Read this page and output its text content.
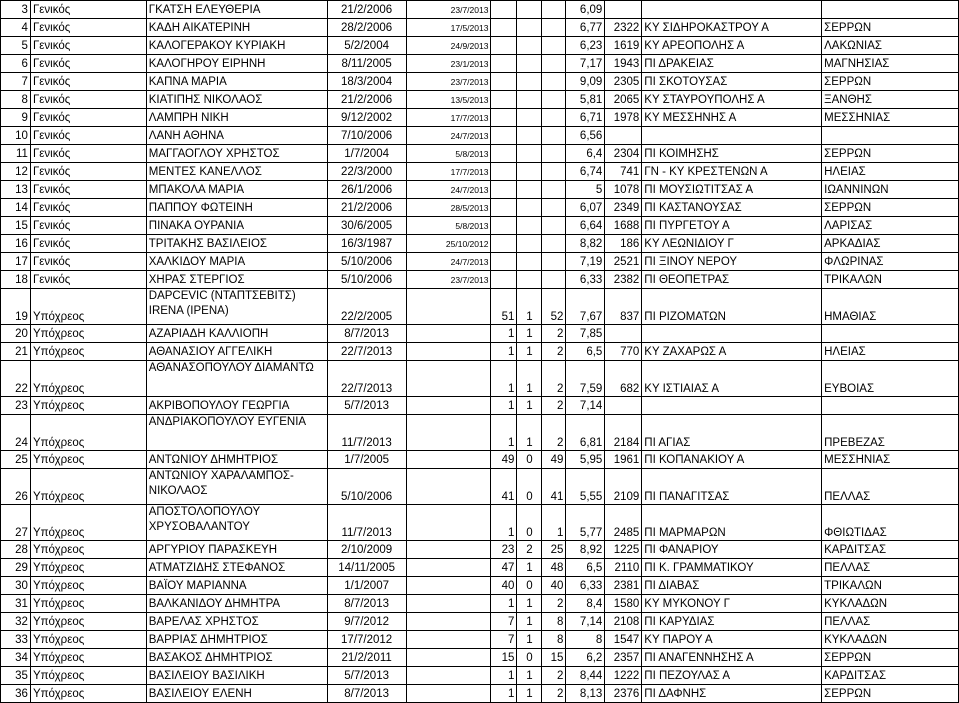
3	Γενικός	ΓΚΑΤΣΗ ΕΛΕΥΘΕΡΙΑ	21/2/2006	23/7/2013				6,09			
4	Γενικός	ΚΑΔΗ ΑΙΚΑΤΕΡΙΝΗ	28/2/2006	17/5/2013				6,77	2322	ΚΥ ΣΙΔΗΡΟΚΑΣΤΡΟΥ Α	ΣΕΡΡΩΝ
5	Γενικός	ΚΑΛΟΓΕΡΑΚΟΥ ΚΥΡΙΑΚΗ	5/2/2004	24/9/2013				6,23	1619	ΚΥ ΑΡΕΟΠΟΛΗΣ Α	ΛΑΚΩΝΙΑΣ
6	Γενικός	ΚΑΛΟΓΗΡΟΥ ΕΙΡΗΝΗ	8/11/2005	23/1/2013				7,17	1943	ΠΙ ΔΡΑΚΕΙΑΣ	ΜΑΓΝΗΣΙΑΣ
7	Γενικός	ΚΑΠΝΑ ΜΑΡΙΑ	18/3/2004	23/7/2013				9,09	2305	ΠΙ ΣΚΟΤΟΥΣΑΣ	ΣΕΡΡΩΝ
8	Γενικός	ΚΙΑΤΙΠΗΣ ΝΙΚΟΛΑΟΣ	21/2/2006	13/5/2013				5,81	2065	ΚΥ ΣΤΑΥΡΟΥΠΟΛΗΣ Α	ΞΑΝΘΗΣ
9	Γενικός	ΛΑΜΠΡΗ ΝΙΚΗ	9/12/2002	17/7/2013				6,71	1978	ΚΥ ΜΕΣΣΗΝΗΣ Α	ΜΕΣΣΗΝΙΑΣ
10	Γενικός	ΛΑΝΗ ΑΘΗΝΑ	7/10/2006	24/7/2013				6,56			
11	Γενικός	ΜΑΓΓΑΟΓΛΟΥ ΧΡΗΣΤΟΣ	1/7/2004	5/8/2013				6,4	2304	ΠΙ ΚΟΙΜΗΣΗΣ	ΣΕΡΡΩΝ
12	Γενικός	ΜΕΝΤΕΣ ΚΑΝΕΛΛΟΣ	22/3/2000	17/7/2013				6,74	741	ΓΝ - ΚΥ ΚΡΕΣΤΕΝΩΝ Α	ΗΛΕΙΑΣ
13	Γενικός	ΜΠΑΚΟΛΑ ΜΑΡΙΑ	26/1/2006	24/7/2013				5	1078	ΠΙ ΜΟΥΣΙΩΤΙΤΣΑΣ Α	ΙΩΑΝΝΙΝΩΝ
14	Γενικός	ΠΑΠΠΟΥ ΦΩΤΕΙΝΗ	21/2/2006	28/5/2013				6,07	2349	ΠΙ ΚΑΣΤΑΝΟΥΣΑΣ	ΣΕΡΡΩΝ
15	Γενικός	ΠΙΝΑΚΑ ΟΥΡΑΝΙΑ	30/6/2005	5/8/2013				6,64	1688	ΠΙ ΠΥΡΓΕΤΟΥ Α	ΛΑΡΙΣΑΣ
16	Γενικός	ΤΡΙΤΑΚΗΣ ΒΑΣΙΛΕΙΟΣ	16/3/1987	25/10/2012				8,82	186	ΚΥ ΛΕΩΝΙΔΙΟΥ Γ	ΑΡΚΑΔΙΑΣ
17	Γενικός	ΧΑΛΚΙΔΟΥ ΜΑΡΙΑ	5/10/2006	24/7/2013				7,19	2521	ΠΙ ΞΙΝΟΥ ΝΕΡΟΥ	ΦΛΩΡΙΝΑΣ
18	Γενικός	ΧΗΡΑΣ ΣΤΕΡΓΙΟΣ	5/10/2006	23/7/2013				6,33	2382	ΠΙ ΘΕΟΠΕΤΡΑΣ	ΤΡΙΚΑΛΩΝ
19	Υπόχρεος	DAPCEVIC (ΝΤΑΠΤΣΕΒΙΤΣ) IRENA (ΙΡΕΝΑ)	22/2/2005		51	1	52	7,67	837	ΠΙ ΡΙΖΟΜΑΤΩΝ	ΗΜΑΘΙΑΣ
20	Υπόχρεος	ΑΖΑΡΙΑΔΗ ΚΑΛΛΙΟΠΗ	8/7/2013		1	1	2	7,85			
21	Υπόχρεος	ΑΘΑΝΑΣΙΟΥ ΑΓΓΕΛΙΚΗ	22/7/2013		1	1	2	6,5	770	ΚΥ ΖΑΧΑΡΩΣ Α	ΗΛΕΙΑΣ
22	Υπόχρεος	ΑΘΑΝΑΣΟΠΟΥΛΟΥ ΔΙΑΜΑΝΤΩ	22/7/2013		1	1	2	7,59	682	ΚΥ ΙΣΤΙΑΙΑΣ Α	ΕΥΒΟΙΑΣ
23	Υπόχρεος	ΑΚΡΙΒΟΠΟΥΛΟΥ ΓΕΩΡΓΙΑ	5/7/2013		1	1	2	7,14			
24	Υπόχρεος	ΑΝΔΡΙΑΚΟΠΟΥΛΟΥ ΕΥΓΕΝΙΑ	11/7/2013		1	1	2	6,81	2184	ΠΙ ΑΓΙΑΣ	ΠΡΕΒΕΖΑΣ
25	Υπόχρεος	ΑΝΤΩΝΙΟΥ ΔΗΜΗΤΡΙΟΣ	1/7/2005		49	0	49	5,95	1961	ΠΙ ΚΟΠΑΝΑΚΙΟΥ Α	ΜΕΣΣΗΝΙΑΣ
26	Υπόχρεος	ΑΝΤΩΝΙΟΥ ΧΑΡΑΛΑΜΠΟΣ-ΝΙΚΟΛΑΟΣ	5/10/2006		41	0	41	5,55	2109	ΠΙ ΠΑΝΑΓΙΤΣΑΣ	ΠΕΛΛΑΣ
27	Υπόχρεος	ΑΠΟΣΤΟΛΟΠΟΥΛΟΥ ΧΡΥΣΟΒΑΛΑΝΤΟΥ	11/7/2013		1	0	1	5,77	2485	ΠΙ ΜΑΡΜΑΡΩΝ	ΦΘΙΩΤΙΔΑΣ
28	Υπόχρεος	ΑΡΓΥΡΙΟΥ ΠΑΡΑΣΚΕΥΗ	2/10/2009		23	2	25	8,92	1225	ΠΙ ΦΑΝΑΡΙΟΥ	ΚΑΡΔΙΤΣΑΣ
29	Υπόχρεος	ΑΤΜΑΤΖΙΔΗΣ ΣΤΕΦΑΝΟΣ	14/11/2005		47	1	48	6,5	2110	ΠΙ Κ. ΓΡΑΜΜΑΤΙΚΟΥ	ΠΕΛΛΑΣ
30	Υπόχρεος	ΒΑΪΟΥ ΜΑΡΙΑΝΝΑ	1/1/2007		40	0	40	6,33	2381	ΠΙ ΔΙΑΒΑΣ	ΤΡΙΚΑΛΩΝ
31	Υπόχρεος	ΒΑΛΚΑΝΙΔΟΥ ΔΗΜΗΤΡΑ	8/7/2013		1	1	2	8,4	1580	ΚΥ ΜΥΚΟΝΟΥ Γ	ΚΥΚΛΑΔΩΝ
32	Υπόχρεος	ΒΑΡΕΛΑΣ ΧΡΗΣΤΟΣ	9/7/2012		7	1	8	7,14	2108	ΠΙ ΚΑΡΥΔΙΑΣ	ΠΕΛΛΑΣ
33	Υπόχρεος	ΒΑΡΡΙΑΣ ΔΗΜΗΤΡΙΟΣ	17/7/2012		7	1	8	8	1547	ΚΥ ΠΑΡΟΥ Α	ΚΥΚΛΑΔΩΝ
34	Υπόχρεος	ΒΑΣΑΚΟΣ ΔΗΜΗΤΡΙΟΣ	21/2/2011		15	0	15	6,2	2357	ΠΙ ΑΝΑΓΕΝΝΗΣΗΣ Α	ΣΕΡΡΩΝ
35	Υπόχρεος	ΒΑΣΙΛΕΙΟΥ ΒΑΣΙΛΙΚΗ	5/7/2013		1	1	2	8,44	1222	ΠΙ ΠΕΖΟΥΛΑΣ Α	ΚΑΡΔΙΤΣΑΣ
36	Υπόχρεος	ΒΑΣΙΛΕΙΟΥ ΕΛΕΝΗ	8/7/2013		1	1	2	8,13	2376	ΠΙ ΔΑΦΝΗΣ	ΣΕΡΡΩΝ
